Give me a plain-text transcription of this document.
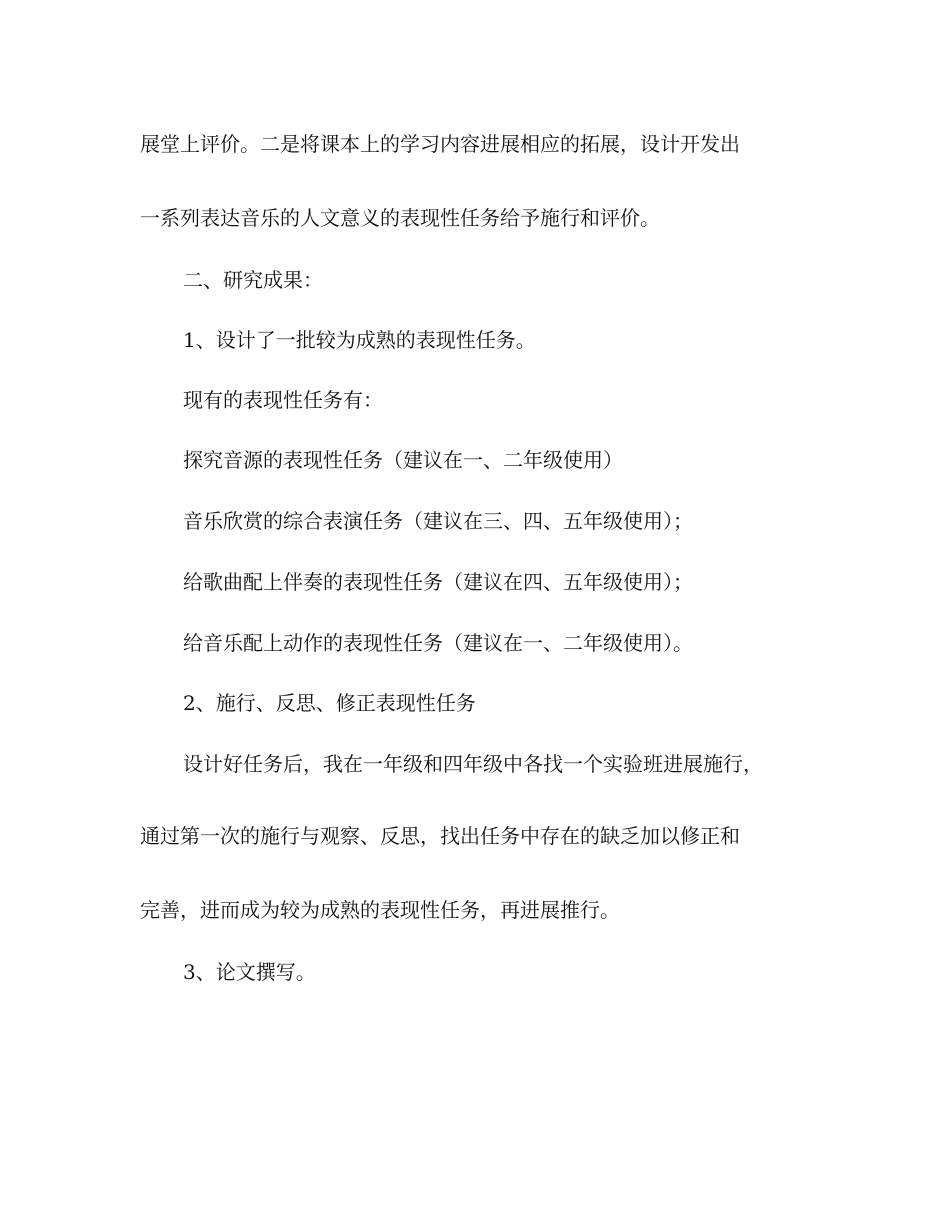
展堂上评价。二是将课本上的学习内容进展相应的拓展，设计开发出
一系列表达音乐的人文意义的表现性任务给予施行和评价。
二、研究成果：
1、设计了一批较为成熟的表现性任务。
现有的表现性任务有：
探究音源的表现性任务（建议在一、二年级使用）
音乐欣赏的综合表演任务（建议在三、四、五年级使用）；
给歌曲配上伴奏的表现性任务（建议在四、五年级使用）；
给音乐配上动作的表现性任务（建议在一、二年级使用）。
2、施行、反思、修正表现性任务
设计好任务后，我在一年级和四年级中各找一个实验班进展施行，
通过第一次的施行与观察、反思，找出任务中存在的缺乏加以修正和
完善，进而成为较为成熟的表现性任务，再进展推行。
3、论文撰写。
